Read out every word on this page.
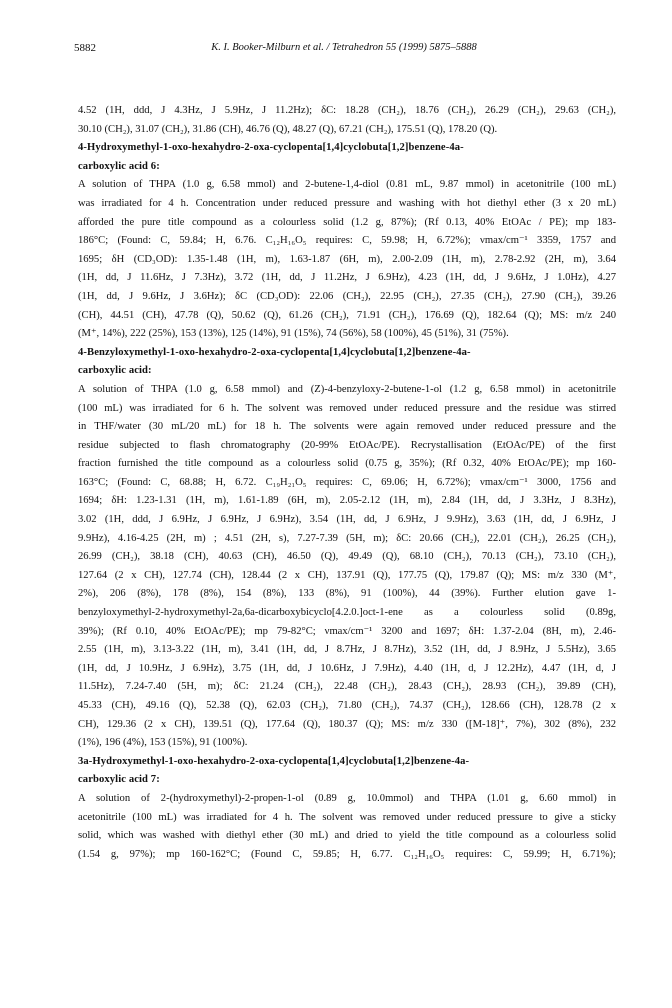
5882	K. I. Booker-Milburn et al. / Tetrahedron 55 (1999) 5875–5888
4.52 (1H, ddd, J 4.3Hz, J 5.9Hz, J 11.2Hz); δC: 18.28 (CH₂), 18.76 (CH₂), 26.29 (CH₂), 29.63 (CH₂),
30.10 (CH₂), 31.07 (CH₂), 31.86 (CH), 46.76 (Q), 48.27 (Q), 67.21 (CH₂), 175.51 (Q), 178.20 (Q).
4-Hydroxymethyl-1-oxo-hexahydro-2-oxa-cyclopenta[1,4]cyclobuta[1,2]benzene-4a-
carboxylic acid 6:
A solution of THPA (1.0 g, 6.58 mmol) and 2-butene-1,4-diol (0.81 mL, 9.87 mmol) in acetonitrile (100 mL)
was irradiated for 4 h. Concentration under reduced pressure and washing with hot diethyl ether (3 x 20 mL)
afforded the pure title compound as a colourless solid (1.2 g, 87%); (Rf 0.13, 40% EtOAc / PE); mp 183-
186°C; (Found: C, 59.84; H, 6.76. C₁₂H₁₆O₅ requires: C, 59.98; H, 6.72%); νmax/cm⁻¹ 3359, 1757 and
1695; δH (CD₃OD): 1.35-1.48 (1H, m), 1.63-1.87 (6H, m), 2.00-2.09 (1H, m), 2.78-2.92 (2H, m), 3.64
(1H, dd, J 11.6Hz, J 7.3Hz), 3.72 (1H, dd, J 11.2Hz, J 6.9Hz), 4.23 (1H, dd, J 9.6Hz, J 1.0Hz), 4.27
(1H, dd, J 9.6Hz, J 3.6Hz); δC (CD₃OD): 22.06 (CH₂), 22.95 (CH₂), 27.35 (CH₂), 27.90 (CH₂), 39.26
(CH), 44.51 (CH), 47.78 (Q), 50.62 (Q), 61.26 (CH₂), 71.91 (CH₂), 176.69 (Q), 182.64 (Q); MS: m/z 240
(M⁺, 14%), 222 (25%), 153 (13%), 125 (14%), 91 (15%), 74 (56%), 58 (100%), 45 (51%), 31 (75%).
4-Benzyloxymethyl-1-oxo-hexahydro-2-oxa-cyclopenta[1,4]cyclobuta[1,2]benzene-4a-
carboxylic acid:
A solution of THPA (1.0 g, 6.58 mmol) and (Z)-4-benzyloxy-2-butene-1-ol (1.2 g, 6.58 mmol) in acetonitrile
(100 mL) was irradiated for 6 h. The solvent was removed under reduced pressure and the residue was stirred
in THF/water (30 mL/20 mL) for 18 h. The solvents were again removed under reduced pressure and the
residue subjected to flash chromatography (20-99% EtOAc/PE). Recrystallisation (EtOAc/PE) of the first
fraction furnished the title compound as a colourless solid (0.75 g, 35%); (Rf 0.32, 40% EtOAc/PE); mp 160-
163°C; (Found: C, 68.88; H, 6.72. C₁₉H₂₁O₅ requires: C, 69.06; H, 6.72%); νmax/cm⁻¹ 3000, 1756 and
1694; δH: 1.23-1.31 (1H, m), 1.61-1.89 (6H, m), 2.05-2.12 (1H, m), 2.84 (1H, dd, J 3.3Hz, J 8.3Hz),
3.02 (1H, ddd, J 6.9Hz, J 6.9Hz, J 6.9Hz), 3.54 (1H, dd, J 6.9Hz, J 9.9Hz), 3.63 (1H, dd, J 6.9Hz, J
9.9Hz), 4.16-4.25 (2H, m) ; 4.51 (2H, s), 7.27-7.39 (5H, m); δC: 20.66 (CH₂), 22.01 (CH₂), 26.25 (CH₂),
26.99 (CH₂), 38.18 (CH), 40.63 (CH), 46.50 (Q), 49.49 (Q), 68.10 (CH₂), 70.13 (CH₂), 73.10 (CH₂),
127.64 (2 x CH), 127.74 (CH), 128.44 (2 x CH), 137.91 (Q), 177.75 (Q), 179.87 (Q); MS: m/z 330 (M⁺,
2%), 206 (8%), 178 (8%), 154 (8%), 133 (8%), 91 (100%), 44 (39%). Further elution gave 1-
benzyloxymethyl-2-hydroxymethyl-2a,6a-dicarboxybicyclo[4.2.0.]oct-1-ene as a colourless solid (0.89g,
39%); (Rf 0.10, 40% EtOAc/PE); mp 79-82°C; νmax/cm⁻¹ 3200 and 1697; δH: 1.37-2.04 (8H, m), 2.46-
2.55 (1H, m), 3.13-3.22 (1H, m), 3.41 (1H, dd, J 8.7Hz, J 8.7Hz), 3.52 (1H, dd, J 8.9Hz, J 5.5Hz), 3.65
(1H, dd, J 10.9Hz, J 6.9Hz), 3.75 (1H, dd, J 10.6Hz, J 7.9Hz), 4.40 (1H, d, J 12.2Hz), 4.47 (1H, d, J
11.5Hz), 7.24-7.40 (5H, m); δC: 21.24 (CH₂), 22.48 (CH₂), 28.43 (CH₂), 28.93 (CH₂), 39.89 (CH),
45.33 (CH), 49.16 (Q), 52.38 (Q), 62.03 (CH₂), 71.80 (CH₂), 74.37 (CH₂), 128.66 (CH), 128.78 (2 x
CH), 129.36 (2 x CH), 139.51 (Q), 177.64 (Q), 180.37 (Q); MS: m/z 330 ([M-18]⁺, 7%), 302 (8%), 232
(1%), 196 (4%), 153 (15%), 91 (100%).
3a-Hydroxymethyl-1-oxo-hexahydro-2-oxa-cyclopenta[1,4]cyclobuta[1,2]benzene-4a-
carboxylic acid 7:
A solution of 2-(hydroxymethyl)-2-propen-1-ol (0.89 g, 10.0mmol) and THPA (1.01 g, 6.60 mmol) in
acetonitrile (100 mL) was irradiated for 4 h. The solvent was removed under reduced pressure to give a sticky
solid, which was washed with diethyl ether (30 mL) and dried to yield the title compound as a colourless solid
(1.54 g, 97%); mp 160-162°C; (Found C, 59.85; H, 6.77. C₁₂H₁₆O₅ requires: C, 59.99; H, 6.71%);
